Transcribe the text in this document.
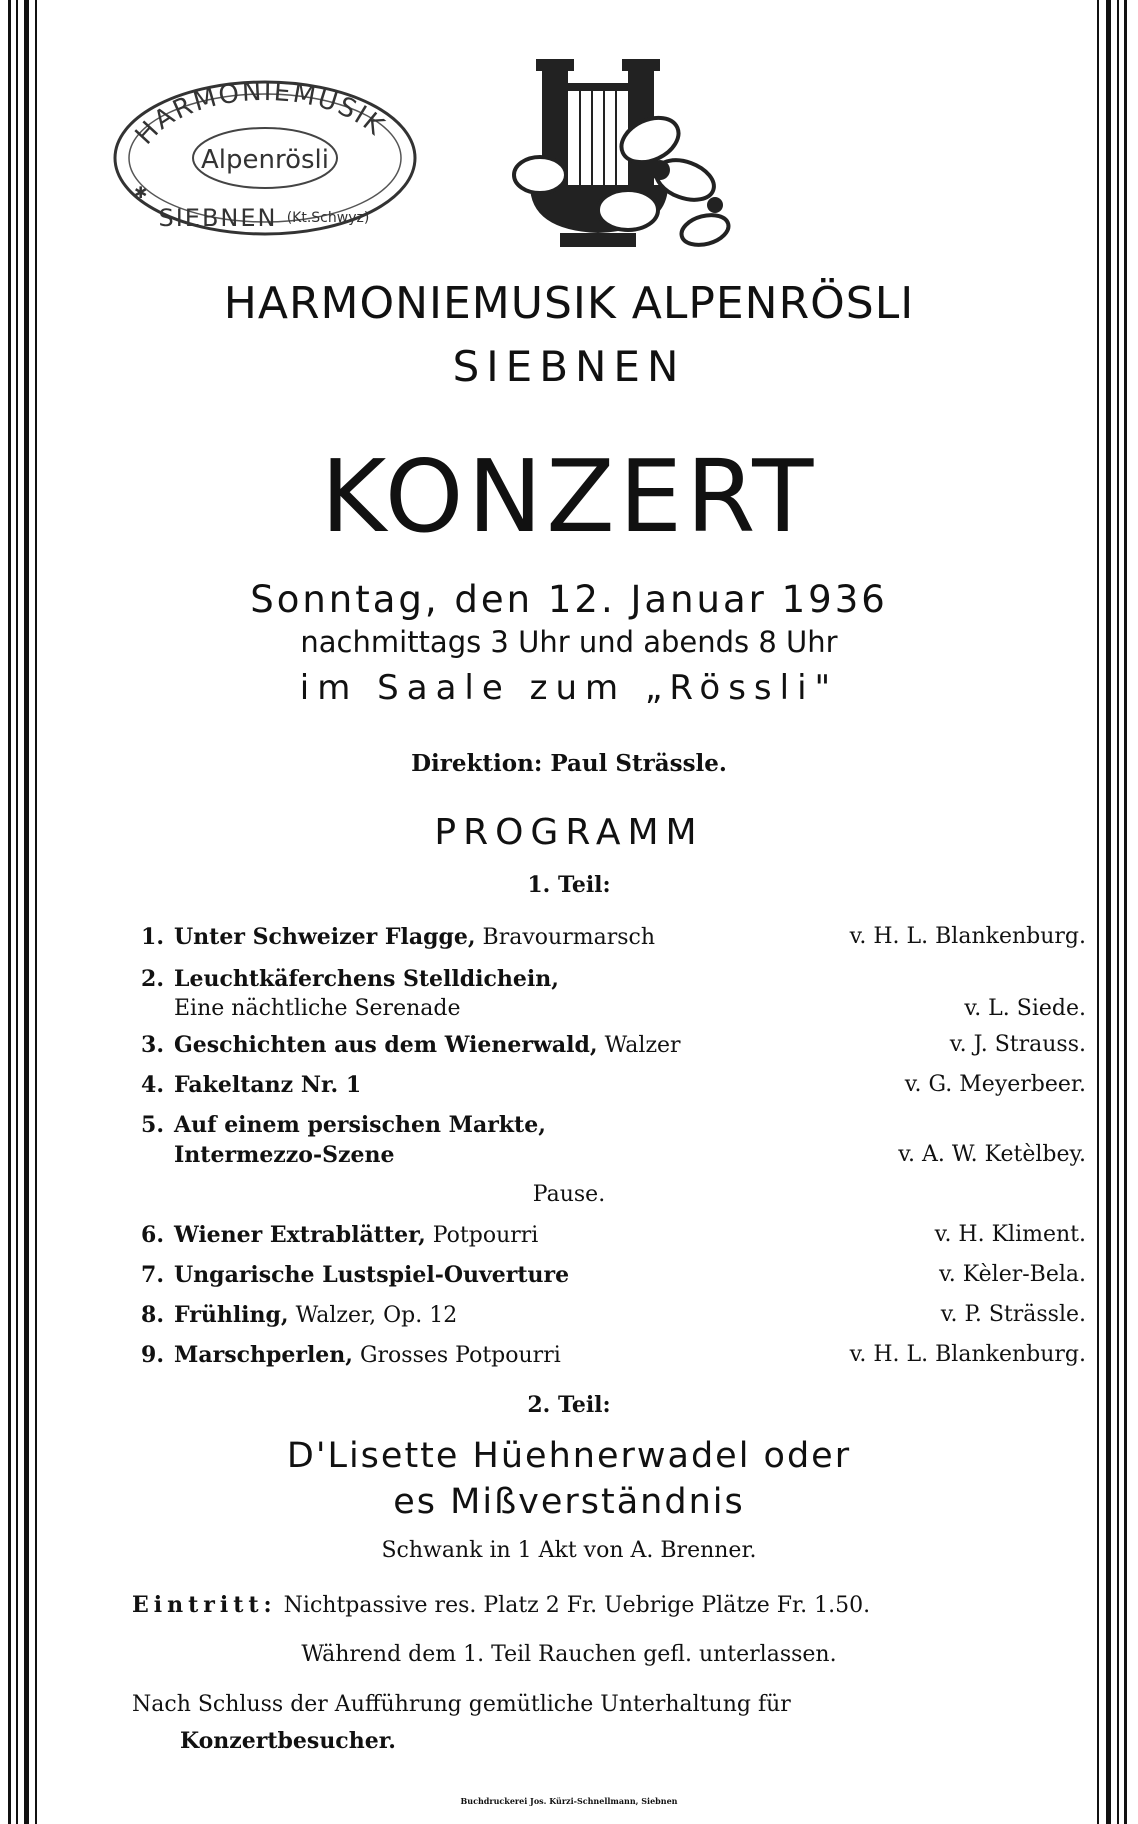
HARMONIEMUSIK
Alpenrösli
SIEBNEN (Kt.Schwyz)
✱
HARMONIEMUSIK ALPENRÖSLI
SIEBNEN
KONZERT
Sonntag, den 12. Januar 1936
nachmittags 3 Uhr und abends 8 Uhr
im Saale zum „Rössli"
Direktion: Paul Strässle.
PROGRAMM
1. Teil:
1. Unter Schweizer Flagge, Bravourmarsch	v. H. L. Blankenburg.
2. Leuchtkäferchens Stelldichein,
Eine nächtliche Serenade	v. L. Siede.
3. Geschichten aus dem Wienerwald, Walzer	v. J. Strauss.
4. Fakeltanz Nr. 1	v. G. Meyerbeer.
5. Auf einem persischen Markte,
Intermezzo-Szene	v. A. W. Ketèlbey.
Pause.
6. Wiener Extrablätter, Potpourri	v. H. Kliment.
7. Ungarische Lustspiel-Ouverture	v. Kèler-Bela.
8. Frühling, Walzer, Op. 12	v. P. Strässle.
9. Marschperlen, Grosses Potpourri	v. H. L. Blankenburg.
2. Teil:
D'Lisette Hüehnerwadel oder
es Mißverständnis
Schwank in 1 Akt von A. Brenner.
Eintritt: Nichtpassive res. Platz 2 Fr. Uebrige Plätze Fr. 1.50.
Während dem 1. Teil Rauchen gefl. unterlassen.
Nach Schluss der Aufführung gemütliche Unterhaltung für
Konzertbesucher.
Buchdruckerei Jos. Kürzi-Schnellmann, Siebnen
